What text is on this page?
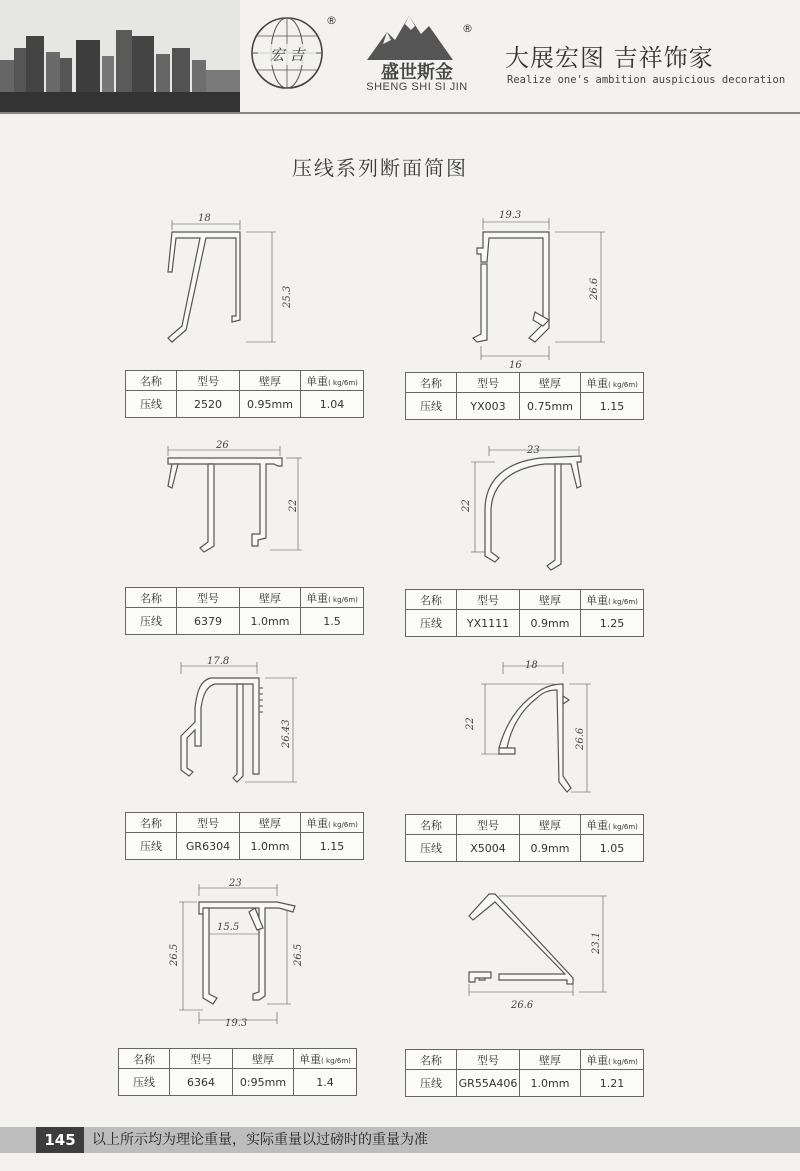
宏 吉
®
®
盛世斯金
SHENG SHI SI JIN
大展宏图 吉祥饰家
Realize one's ambition auspicious decoration
压线系列断面简图
18
25.3
名称	型号	壁厚	单重( kg/6m)
压线	2520	0.95mm	1.04
19.3
26.6
16
名称	型号	壁厚	单重( kg/6m)
压线	YX003	0.75mm	1.15
26
22
名称	型号	壁厚	单重( kg/6m)
压线	6379	1.0mm	1.5
23
22
名称	型号	壁厚	单重( kg/6m)
压线	YX1111	0.9mm	1.25
17.8
26.43
名称	型号	壁厚	单重( kg/6m)
压线	GR6304	1.0mm	1.15
18
22
26.6
名称	型号	壁厚	单重( kg/6m)
压线	X5004	0.9mm	1.05
23
15.5
26.5	26.5
19.3
名称	型号	壁厚	单重( kg/6m)
压线	6364	0:95mm	1.4
26.6
23.1
名称	型号	壁厚	单重( kg/6m)
压线	GR55A406	1.0mm	1.21
145	以上所示均为理论重量，实际重量以过磅时的重量为准
